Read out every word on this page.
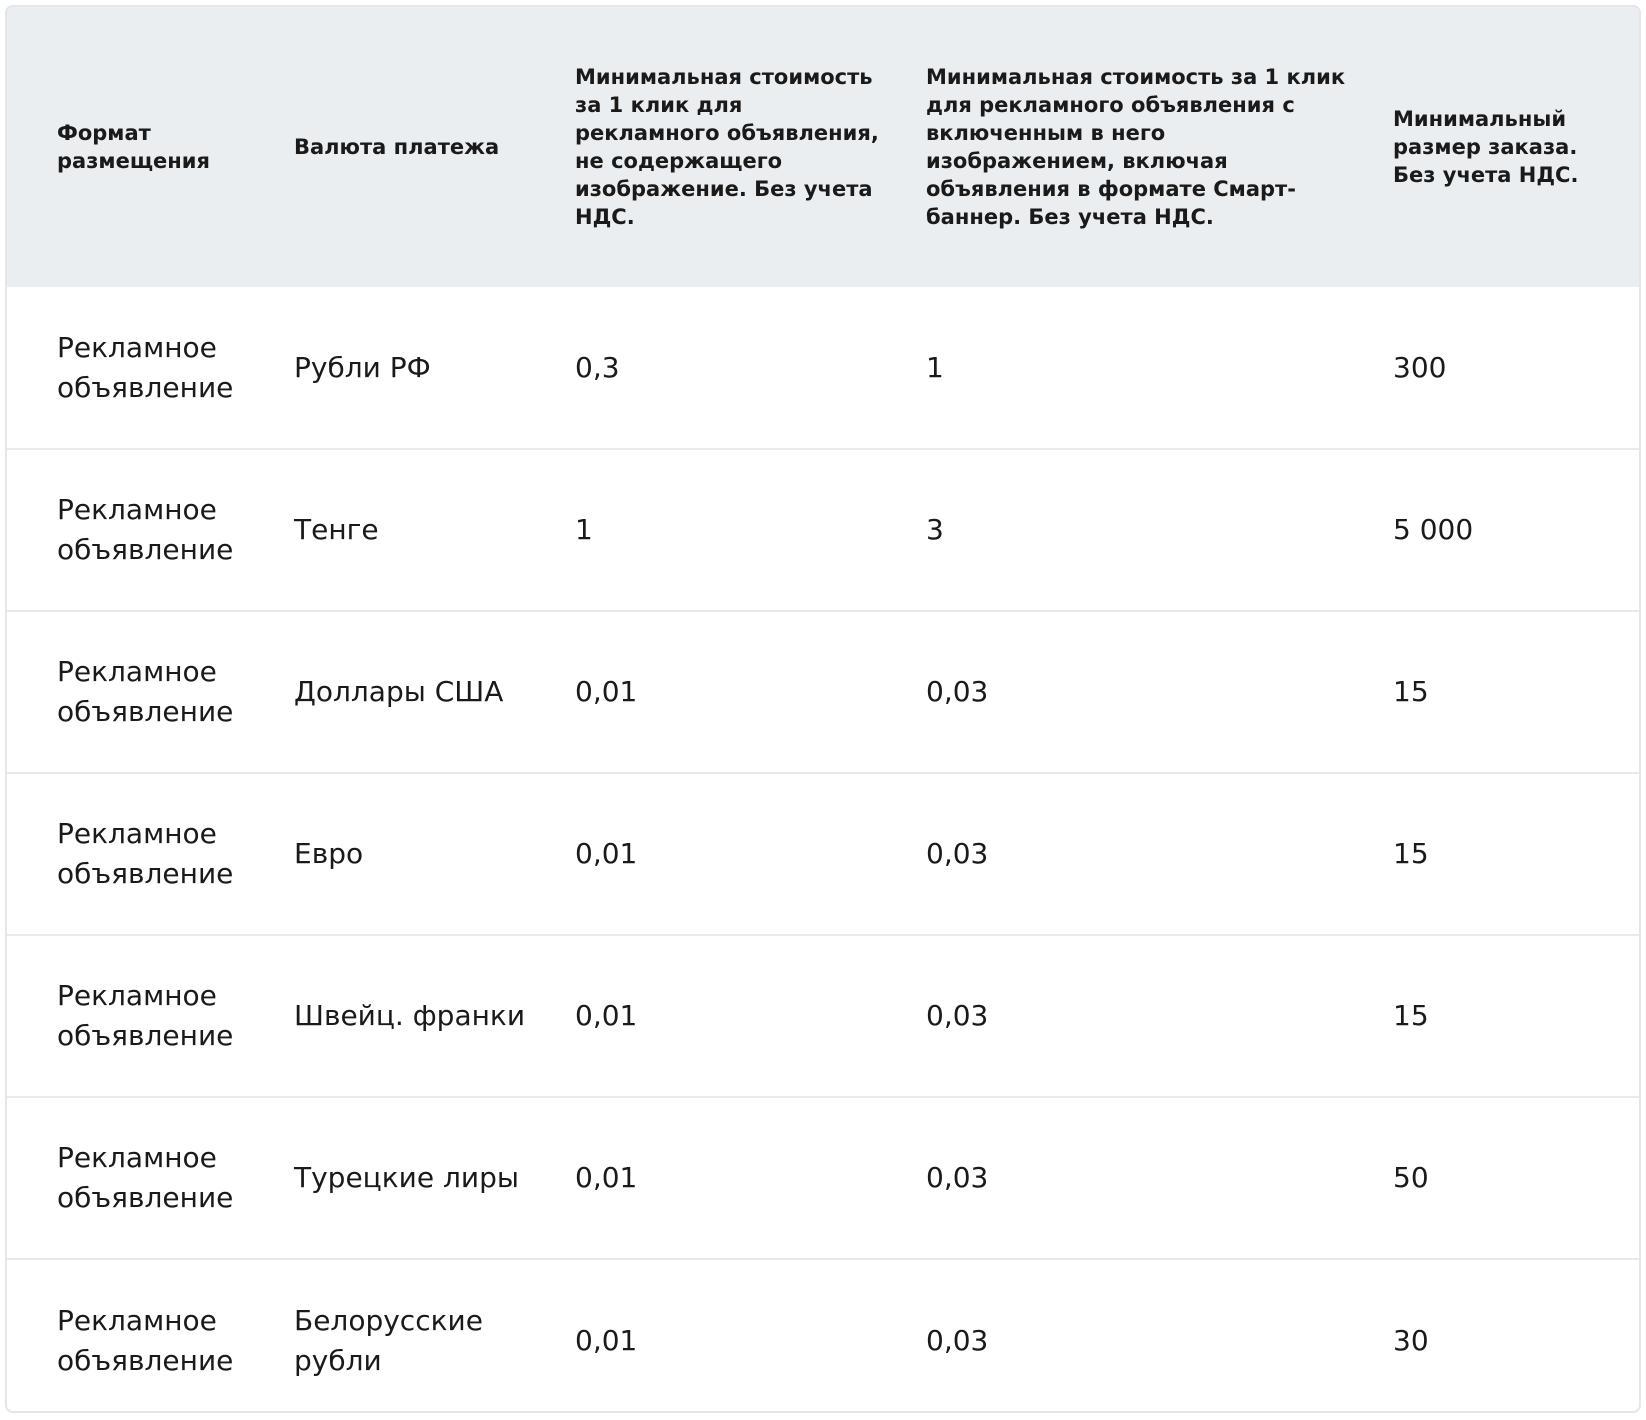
Формат размещения	Валюта платежа	Минимальная стоимость за 1 клик для рекламного объявления, не содержащего изображение. Без учета НДС.	Минимальная стоимость за 1 клик для рекламного объявления с включенным в него изображением, включая объявления в формате Смарт-баннер. Без учета НДС.	Минимальный размер заказа. Без учета НДС.
Рекламное объявление	Рубли РФ	0,3	1	300
Рекламное объявление	Тенге	1	3	5 000
Рекламное объявление	Доллары США	0,01	0,03	15
Рекламное объявление	Евро	0,01	0,03	15
Рекламное объявление	Швейц. франки	0,01	0,03	15
Рекламное объявление	Турецкие лиры	0,01	0,03	50
Рекламное объявление	Белорусские рубли	0,01	0,03	30
